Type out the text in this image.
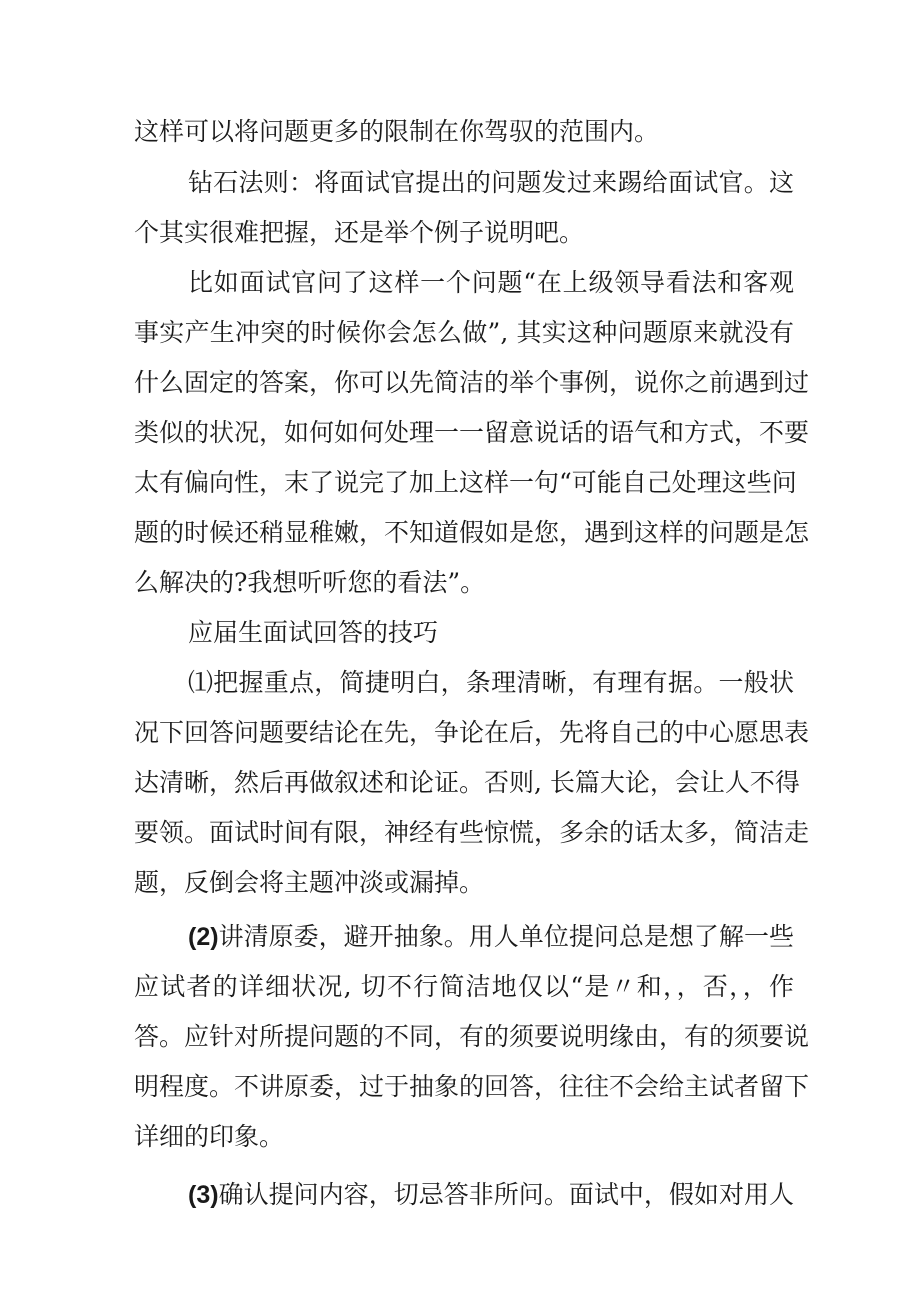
这样可以将问题更多的限制在你驾驭的范围内。
钻石法则：将面试官提出的问题发过来踢给面试官。这
个其实很难把握，还是举个例子说明吧。
比如面试官问了这样一个问题“在上级领导看法和客观
事实产生冲突的时候你会怎么做”, 其实这种问题原来就没有
什么固定的答案，你可以先简洁的举个事例，说你之前遇到过
类似的状况，如何如何处理一一留意说话的语气和方式，不要
太有偏向性，末了说完了加上这样一句“可能自己处理这些问
题的时候还稍显稚嫩，不知道假如是您，遇到这样的问题是怎
么解决的?我想听听您的看法”。
应届生面试回答的技巧
⑴把握重点，简捷明白，条理清晰，有理有据。一般状
况下回答问题要结论在先，争论在后，先将自己的中心愿思表
达清晰，然后再做叙述和论证。否则, 长篇大论，会让人不得
要领。面试时间有限，神经有些惊慌，多余的话太多，简洁走
题，反倒会将主题冲淡或漏掉。
(2)讲清原委，避开抽象。用人单位提问总是想了解一些
应试者的详细状况, 切不行简洁地仅以“是〃和，，否，，作
答。应针对所提问题的不同，有的须要说明缘由，有的须要说
明程度。不讲原委，过于抽象的回答，往往不会给主试者留下
详细的印象。
(3)确认提问内容，切忌答非所问。面试中，假如对用人
